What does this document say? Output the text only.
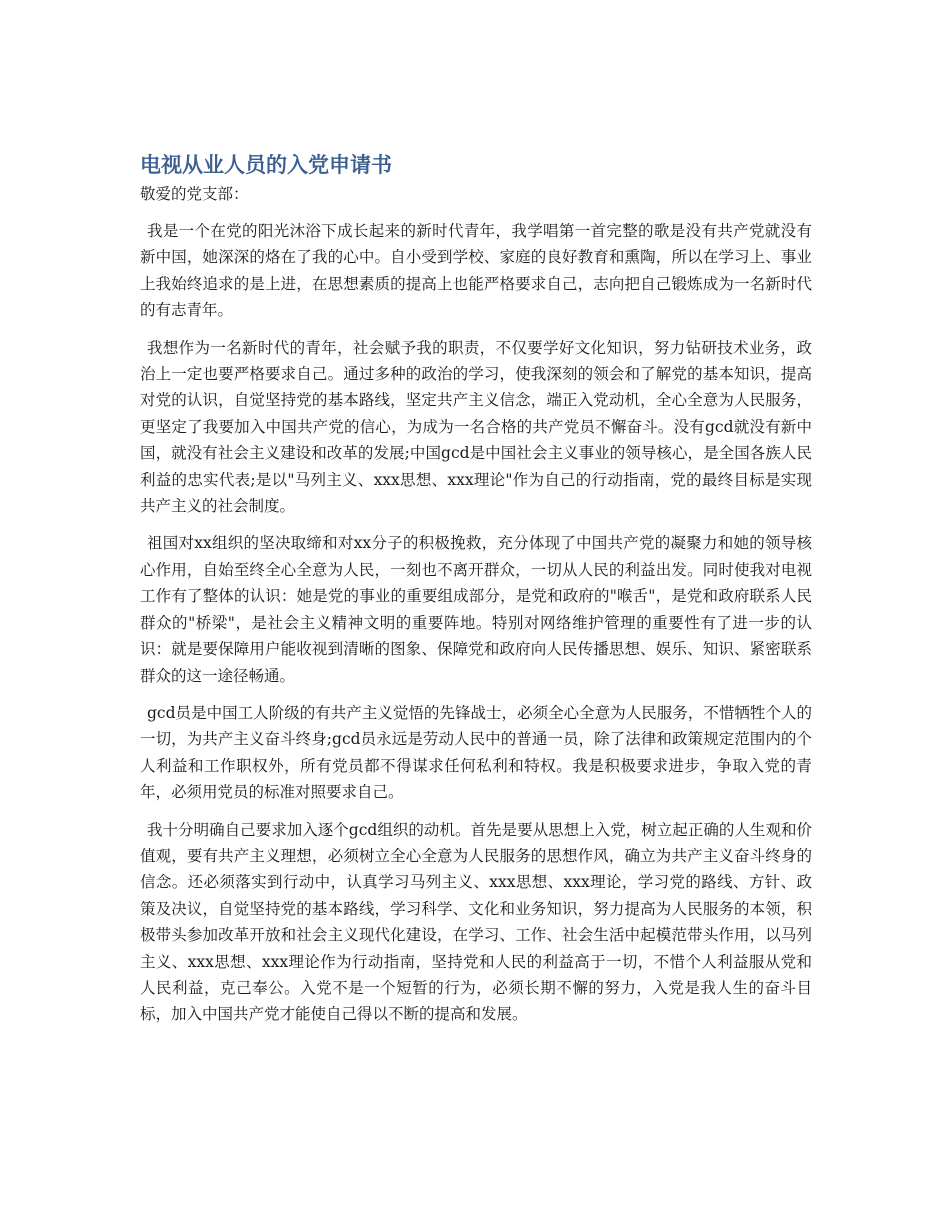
电视从业人员的入党申请书

敬爱的党支部：

我是一个在党的阳光沐浴下成长起来的新时代青年，我学唱第一首完整的歌是没有共产党就没有新中国，她深深的烙在了我的心中。自小受到学校、家庭的良好教育和熏陶，所以在学习上、事业上我始终追求的是上进，在思想素质的提高上也能严格要求自己，志向把自己锻炼成为一名新时代的有志青年。

我想作为一名新时代的青年，社会赋予我的职责，不仅要学好文化知识，努力钻研技术业务，政治上一定也要严格要求自己。通过多种的政治的学习，使我深刻的领会和了解党的基本知识，提高对党的认识，自觉坚持党的基本路线，坚定共产主义信念，端正入党动机，全心全意为人民服务，更坚定了我要加入中国共产党的信心，为成为一名合格的共产党员不懈奋斗。没有gcd就没有新中国，就没有社会主义建设和改革的发展;中国gcd是中国社会主义事业的领导核心，是全国各族人民利益的忠实代表;是以"马列主义、xxx思想、xxx理论"作为自己的行动指南，党的最终目标是实现共产主义的社会制度。

祖国对xx组织的坚决取缔和对xx分子的积极挽救，充分体现了中国共产党的凝聚力和她的领导核心作用，自始至终全心全意为人民，一刻也不离开群众，一切从人民的利益出发。同时使我对电视工作有了整体的认识：她是党的事业的重要组成部分，是党和政府的"喉舌"，是党和政府联系人民群众的"桥梁"，是社会主义精神文明的重要阵地。特别对网络维护管理的重要性有了进一步的认识：就是要保障用户能收视到清晰的图象、保障党和政府向人民传播思想、娱乐、知识、紧密联系群众的这一途径畅通。

gcd员是中国工人阶级的有共产主义觉悟的先锋战士，必须全心全意为人民服务，不惜牺牲个人的一切，为共产主义奋斗终身;gcd员永远是劳动人民中的普通一员，除了法律和政策规定范围内的个人利益和工作职权外，所有党员都不得谋求任何私利和特权。我是积极要求进步，争取入党的青年，必须用党员的标准对照要求自己。

我十分明确自己要求加入逐个gcd组织的动机。首先是要从思想上入党，树立起正确的人生观和价值观，要有共产主义理想，必须树立全心全意为人民服务的思想作风，确立为共产主义奋斗终身的信念。还必须落实到行动中，认真学习马列主义、xxx思想、xxx理论，学习党的路线、方针、政策及决议，自觉坚持党的基本路线，学习科学、文化和业务知识，努力提高为人民服务的本领，积极带头参加改革开放和社会主义现代化建设，在学习、工作、社会生活中起模范带头作用，以马列主义、xxx思想、xxx理论作为行动指南，坚持党和人民的利益高于一切，不惜个人利益服从党和人民利益，克己奉公。入党不是一个短暂的行为，必须长期不懈的努力，入党是我人生的奋斗目标，加入中国共产党才能使自己得以不断的提高和发展。
